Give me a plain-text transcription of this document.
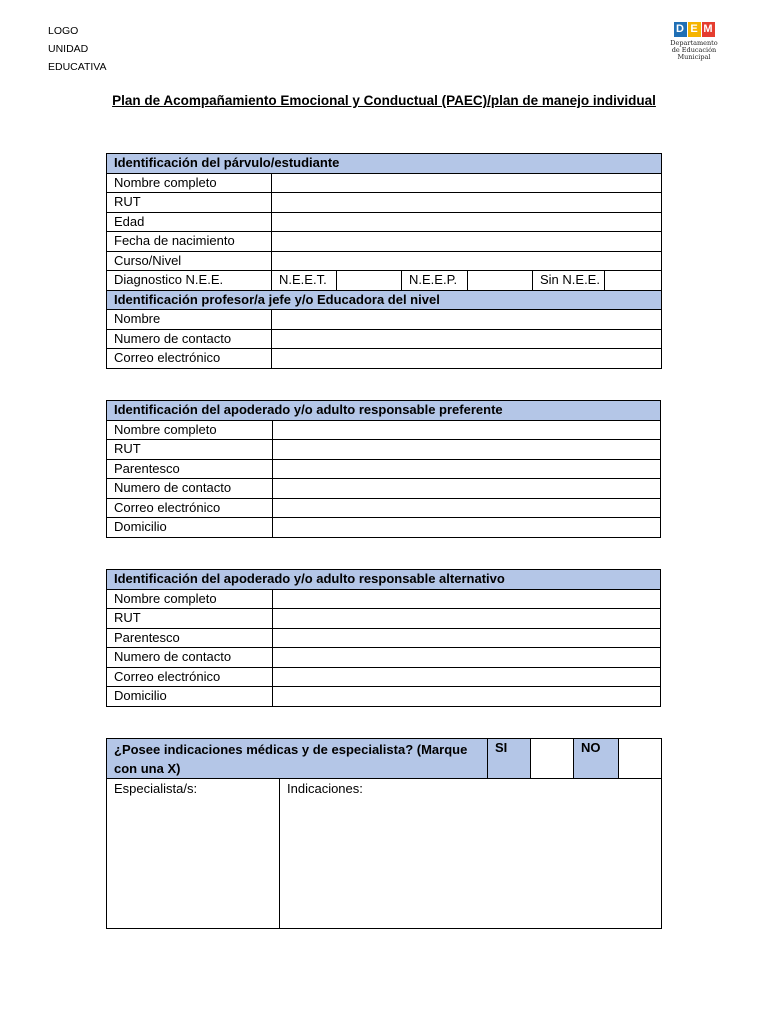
LOGO
UNIDAD
EDUCATIVA
D E M
Departamento
de Educación
Municipal
Plan de Acompañamiento Emocional y Conductual (PAEC)/plan de manejo individual
Identificación del párvulo/estudiante						
Nombre completo						
RUT						
Edad						
Fecha de nacimiento						
Curso/Nivel						
Diagnostico N.E.E.	N.E.E.T.		N.E.E.P.		Sin N.E.E.	
Identificación profesor/a jefe y/o Educadora del nivel						
Nombre						
Numero de contacto						
Correo electrónico						
Identificación del apoderado y/o adulto responsable preferente	
Nombre completo	
RUT	
Parentesco	
Numero de contacto	
Correo electrónico	
Domicilio	
Identificación del apoderado y/o adulto responsable alternativo	
Nombre completo	
RUT	
Parentesco	
Numero de contacto	
Correo electrónico	
Domicilio	
¿Posee indicaciones médicas y de especialista? (Marque con una X)		SI		NO	
Especialista/s:	Indicaciones:				
